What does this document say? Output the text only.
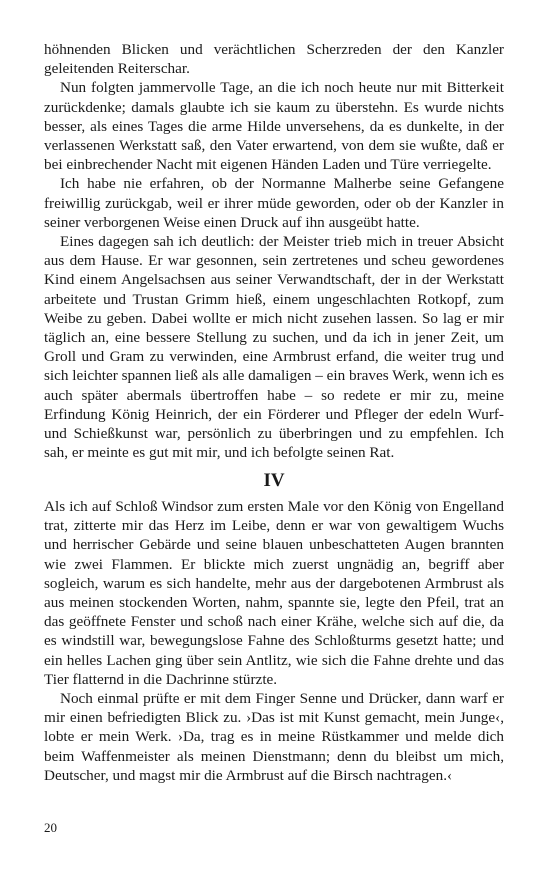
höhnenden Blicken und verächtlichen Scherzreden der den Kanzler geleitenden Reiterschar.

Nun folgten jammervolle Tage, an die ich noch heute nur mit Bitterkeit zurückdenke; damals glaubte ich sie kaum zu überstehn. Es wurde nichts besser, als eines Tages die arme Hilde unversehens, da es dunkelte, in der verlassenen Werkstatt saß, den Vater erwartend, von dem sie wußte, daß er bei einbrechender Nacht mit eigenen Händen Laden und Türe verriegelte.

Ich habe nie erfahren, ob der Normanne Malherbe seine Gefangene freiwillig zurückgab, weil er ihrer müde geworden, oder ob der Kanzler in seiner verborgenen Weise einen Druck auf ihn ausgeübt hatte.

Eines dagegen sah ich deutlich: der Meister trieb mich in treuer Absicht aus dem Hause. Er war gesonnen, sein zertretenes und scheu gewordenes Kind einem Angelsachsen aus seiner Verwandtschaft, der in der Werkstatt arbeitete und Trustan Grimm hieß, einem ungeschlachten Rotkopf, zum Weibe zu geben. Dabei wollte er mich nicht zusehen lassen. So lag er mir täglich an, eine bessere Stellung zu suchen, und da ich in jener Zeit, um Groll und Gram zu verwinden, eine Armbrust erfand, die weiter trug und sich leichter spannen ließ als alle damaligen – ein braves Werk, wenn ich es auch später abermals übertroffen habe – so redete er mir zu, meine Erfindung König Heinrich, der ein Förderer und Pfleger der edeln Wurf- und Schießkunst war, persönlich zu überbringen und zu empfehlen. Ich sah, er meinte es gut mit mir, und ich befolgte seinen Rat.

IV

Als ich auf Schloß Windsor zum ersten Male vor den König von Engelland trat, zitterte mir das Herz im Leibe, denn er war von gewaltigem Wuchs und herrischer Gebärde und seine blauen unbeschatteten Augen brannten wie zwei Flammen. Er blickte mich zuerst ungnädig an, begriff aber sogleich, warum es sich handelte, mehr aus der dargebotenen Armbrust als aus meinen stockenden Worten, nahm, spannte sie, legte den Pfeil, trat an das geöffnete Fenster und schoß nach einer Krähe, welche sich auf die, da es windstill war, bewegungslose Fahne des Schloßturms gesetzt hatte; und ein helles Lachen ging über sein Antlitz, wie sich die Fahne drehte und das Tier flatternd in die Dachrinne stürzte.

Noch einmal prüfte er mit dem Finger Senne und Drücker, dann warf er mir einen befriedigten Blick zu. ›Das ist mit Kunst gemacht, mein Junge‹, lobte er mein Werk. ›Da, trag es in meine Rüstkammer und melde dich beim Waffenmeister als meinen Dienstmann; denn du bleibst um mich, Deutscher, und magst mir die Armbrust auf die Birsch nachtragen.‹

20
